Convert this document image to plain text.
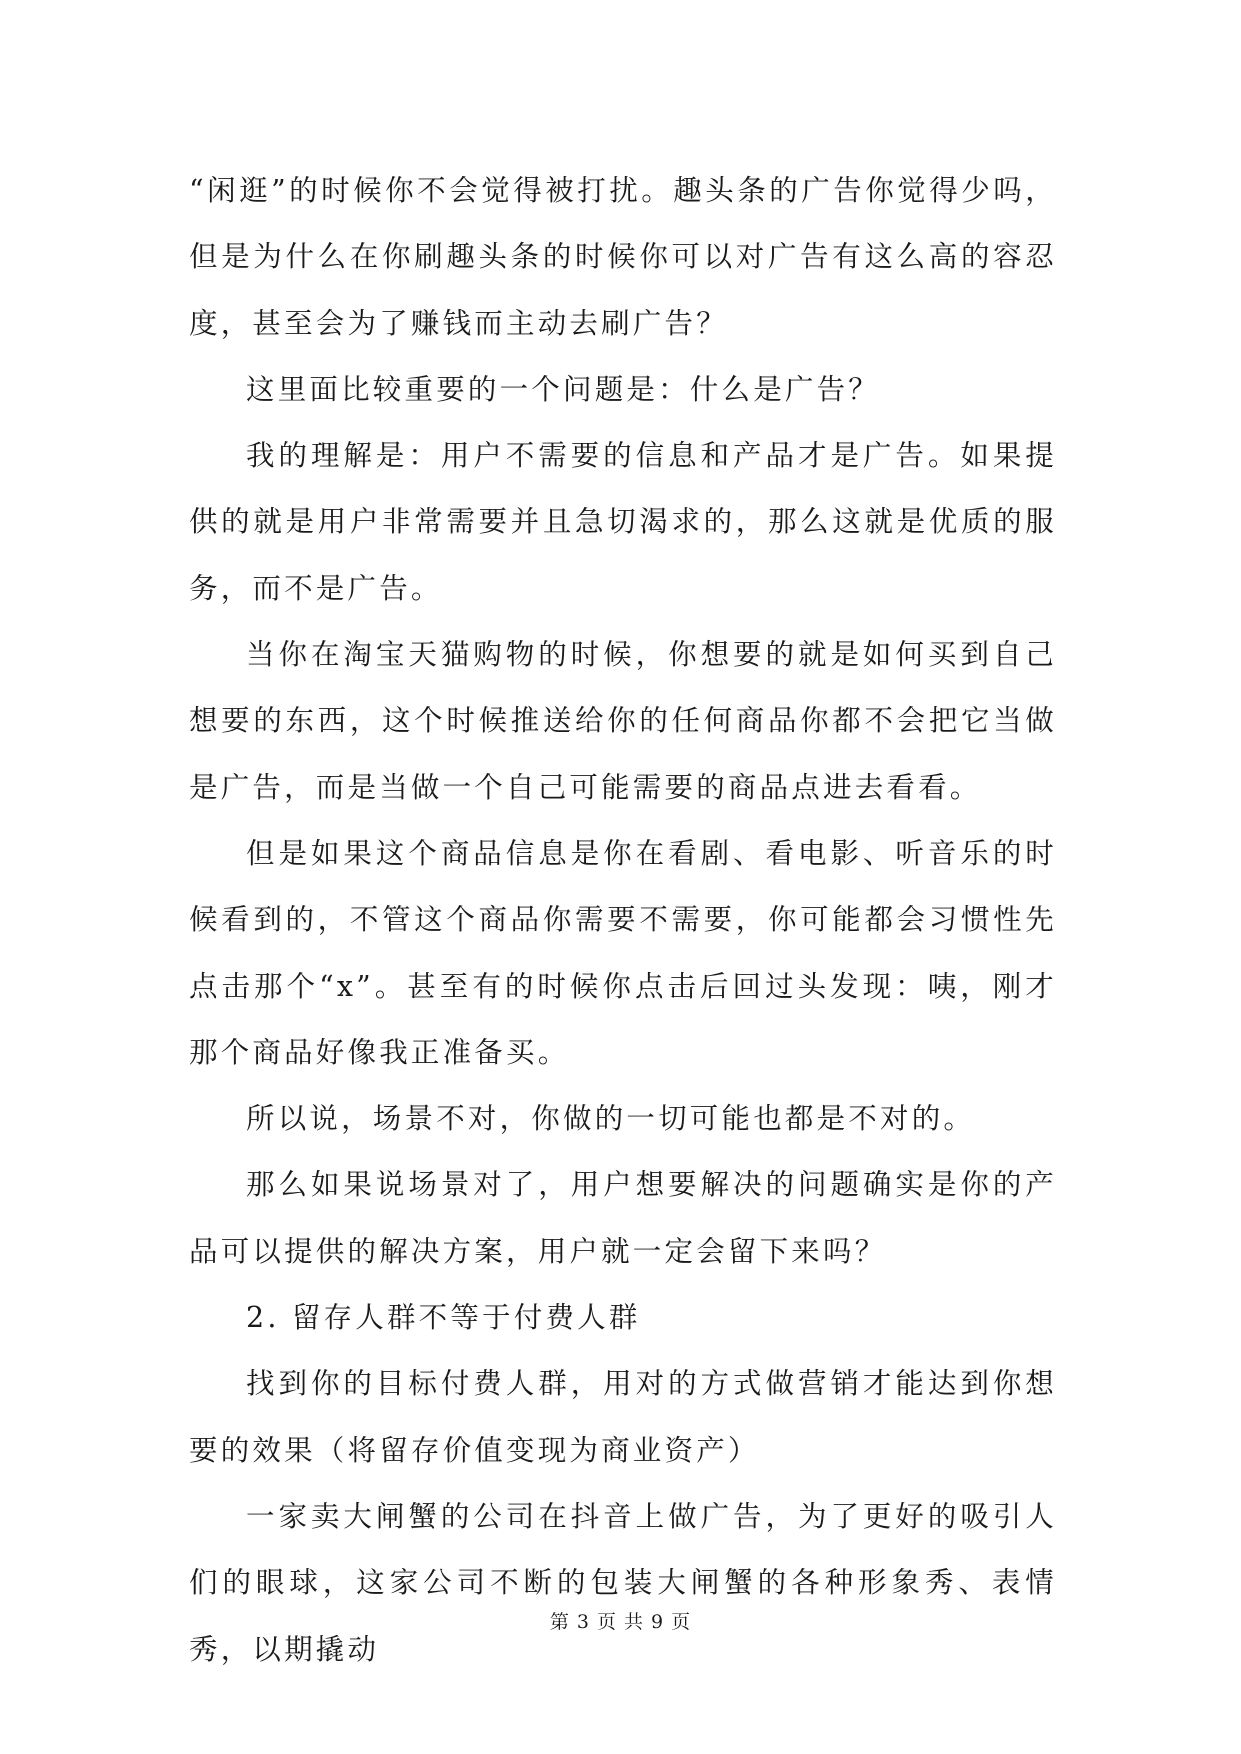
“闲逛”的时候你不会觉得被打扰。趣头条的广告你觉得少吗，但是为什么在你刷趣头条的时候你可以对广告有这么高的容忍度，甚至会为了赚钱而主动去刷广告？

这里面比较重要的一个问题是：什么是广告？

我的理解是：用户不需要的信息和产品才是广告。如果提供的就是用户非常需要并且急切渴求的，那么这就是优质的服务，而不是广告。

当你在淘宝天猫购物的时候，你想要的就是如何买到自己想要的东西，这个时候推送给你的任何商品你都不会把它当做是广告，而是当做一个自己可能需要的商品点进去看看。

但是如果这个商品信息是你在看剧、看电影、听音乐的时候看到的，不管这个商品你需要不需要，你可能都会习惯性先点击那个“x”。甚至有的时候你点击后回过头发现：咦，刚才那个商品好像我正准备买。

所以说，场景不对，你做的一切可能也都是不对的。

那么如果说场景对了，用户想要解决的问题确实是你的产品可以提供的解决方案，用户就一定会留下来吗？

2. 留存人群不等于付费人群

找到你的目标付费人群，用对的方式做营销才能达到你想要的效果（将留存价值变现为商业资产）

一家卖大闸蟹的公司在抖音上做广告，为了更好的吸引人们的眼球，这家公司不断的包装大闸蟹的各种形象秀、表情秀，以期撬动

第 3 页 共 9 页
